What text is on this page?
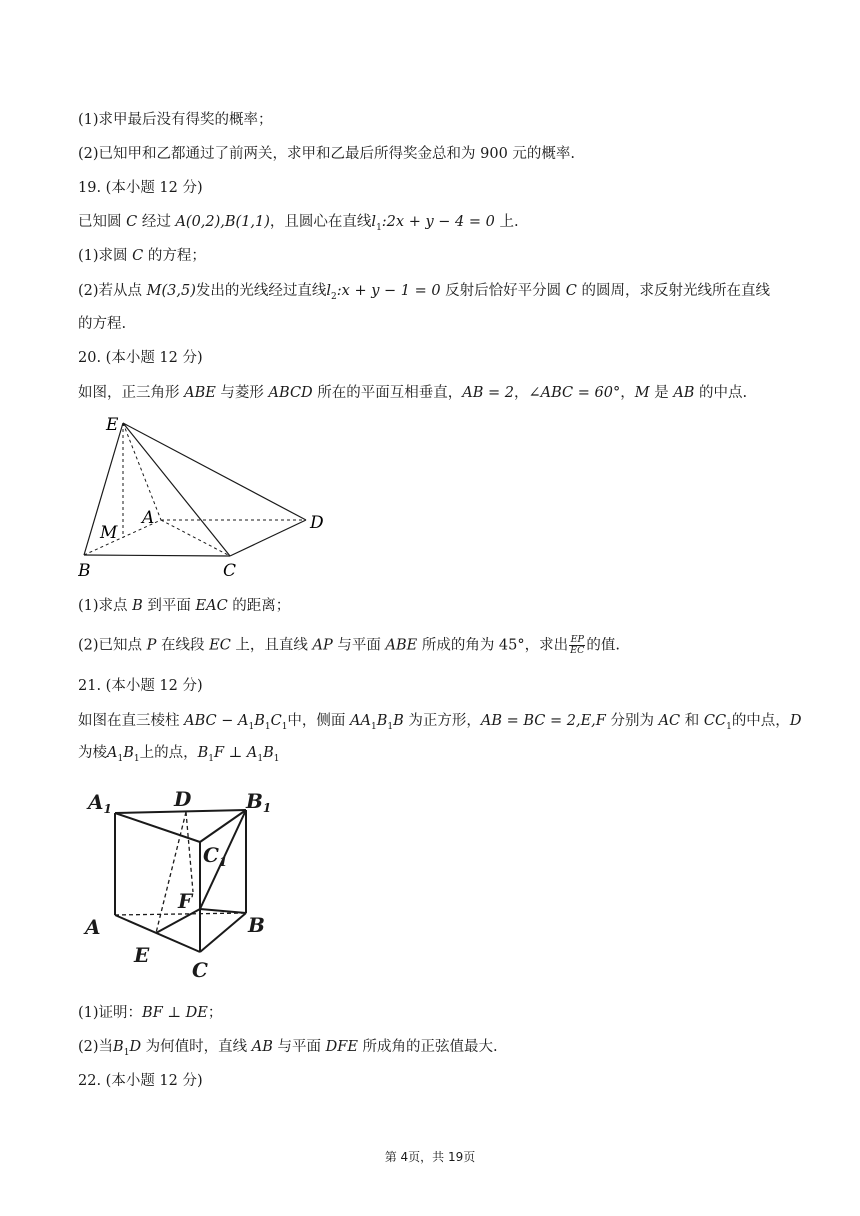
(1)求甲最后没有得奖的概率；
(2)已知甲和乙都通过了前两关，求甲和乙最后所得奖金总和为 900 元的概率.
19. (本小题 12 分)
已知圆 C 经过 A(0,2),B(1,1)，且圆心在直线$l_1:2x + y - 4 = 0$ 上.
(1)求圆 C 的方程；
(2)若从点 M(3,5)发出的光线经过直线$l_2:x + y - 1 = 0$ 反射后恰好平分圆 C 的圆周，求反射光线所在直线
的方程.
20. (本小题 12 分)
如图，正三角形 ABE 与菱形 ABCD 所在的平面互相垂直，AB = 2，∠ABC = 60°，M 是 AB 的中点.
E
A
M	D
B	C
(1)求点 B 到平面 EAC 的距离；
(2)已知点 P 在线段 EC 上，且直线 AP 与平面 ABE 所成的角为 45°，求出 $\frac{EP}{EC}$ 的值.
21. (本小题 12 分)
如图在直三棱柱 ABC − $A_1B_1C_1$中，侧面 $AA_1B_1B$ 为正方形，AB = BC = 2,E,F 分别为 AC 和 $CC_1$的中点，D
为棱$A_1B_1$上的点，$B_1F$ ⊥ $A_1B_1$
$A_1$	D	$B_1$
$C_1$
F
A	B
E
C
(1)证明：BF ⊥ DE；
(2)当$B_1D$ 为何值时，直线 AB 与平面 DFE 所成角的正弦值最大.
22. (本小题 12 分)
第 4页，共 19页
